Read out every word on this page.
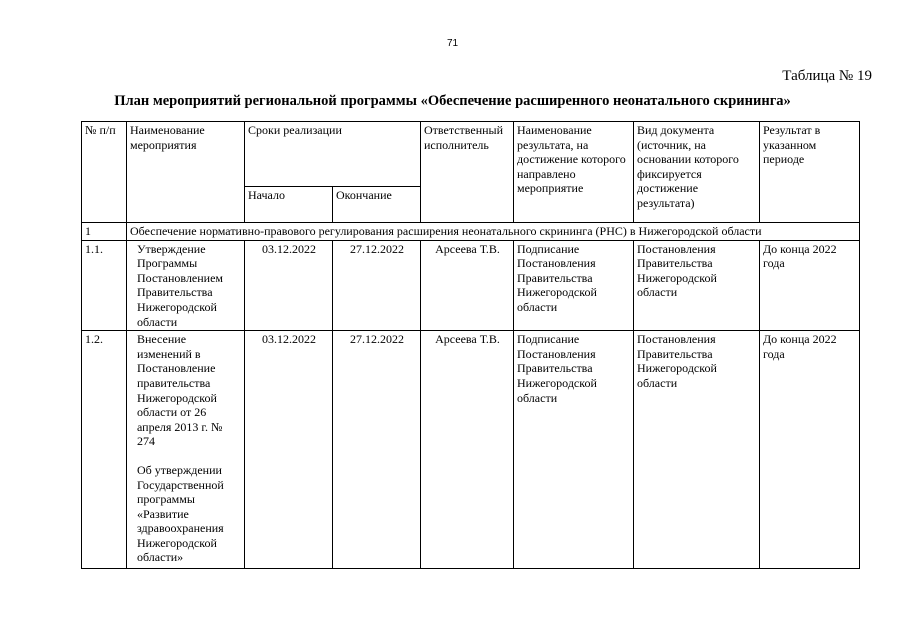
71
Таблица № 19
План мероприятий региональной программы «Обеспечение расширенного неонатального скрининга»
№ п/п	Наименование мероприятия	Сроки реализации		Ответственный исполнитель	Наименование результата, на достижение которого направлено мероприятие	Вид документа (источник, на основании которого фиксируется достижение результата)	Результат в указанном периоде
		Начало	Окончание				
1	Обеспечение нормативно-правового регулирования расширения неонатального скрининга (РНС) в Нижегородской области						
1.1.	Утверждение Программы Постановлением Правительства Нижегородской области	03.12.2022	27.12.2022	Арсеева Т.В.	Подписание Постановления Правительства Нижегородской области	Постановления Правительства Нижегородской области	До конца 2022 года
1.2.	Внесение изменений в Постановление правительства Нижегородской области от 26 апреля 2013 г. № 274
Об утверждении Государственной программы «Развитие здравоохранения Нижегородской области»	03.12.2022	27.12.2022	Арсеева Т.В.	Подписание Постановления Правительства Нижегородской области	Постановления Правительства Нижегородской области	До конца 2022 года
